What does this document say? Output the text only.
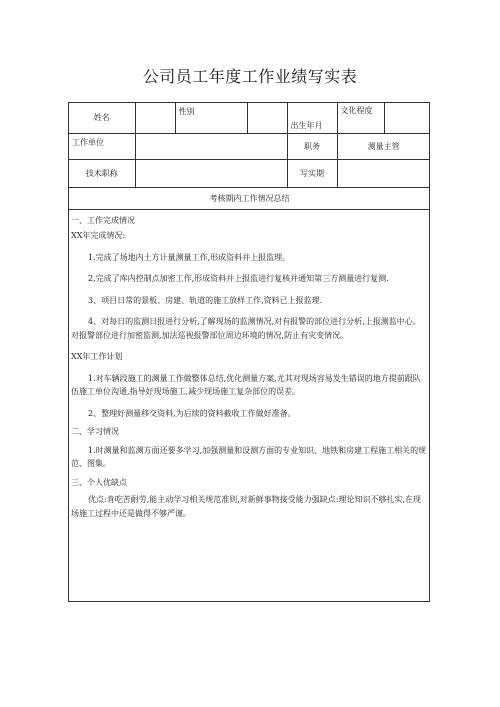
公司员工年度工作业绩写实表
姓名		性别		出生年月	文化程度	
工作单位				职务	测量主管	
技术职称				写实期		
考核期内工作情况总结						

一、工作完成情况

XX年完成情况:

1.完成了场地内土方计量测量工作,形成资料并上报监理。

2,完成了库内控制点加密工作,形成资料并上报监进行复核并通知第三方测量进行复测.

3、项目日常的景板、房建、轨道的施工放样工作,资料已上报监理.

4、对每日的监测日报进行分析,了解现场的监测情况,对有报警的部位进行分析,上报测监中心。对报警部位进行加密监测,加法巡视报警部位周边环境的情况,防止有灾变情况。

XX年工作计划

1.对车辆段施工的测量工作做整体总结,优化测量方案,尤其对现场容易发生错误的地方提前跟队伍施工单位沟通,指导好现场施工,减少现场施工复杂部位的误差。

2、整理好测量移交资料,为后续的资料截收工作做好准备。

二、学习情况

1.时测量和监测方面还要多学习,加强测量和设测方面的专业知识、地铁和房建工程施工相关的规范、图集。

三、个人优缺点

优点:肯吃苦耐劳,能主动学习相关规范准则,对新鲜事物接受能力强缺点:理论知识不够扎实,在现场施工过程中还是做得不够严谨。
